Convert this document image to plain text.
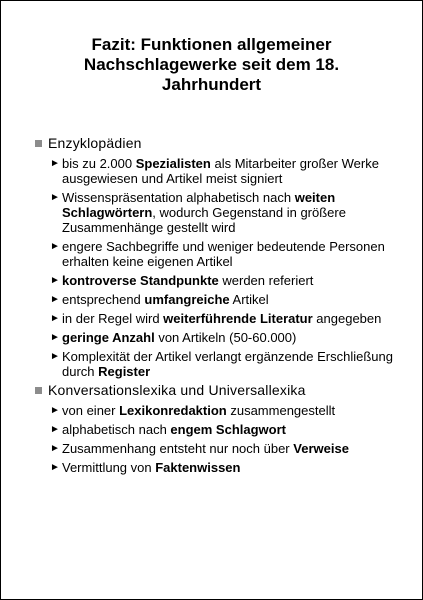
Fazit: Funktionen allgemeiner
Nachschlagewerke seit dem 18.
Jahrhundert
Enzyklopädien
► bis zu 2.000 Spezialisten als Mitarbeiter großer Werke ausgewiesen und Artikel meist signiert
► Wissenspräsentation alphabetisch nach weiten Schlagwörtern, wodurch Gegenstand in größere Zusammenhänge gestellt wird
► engere Sachbegriffe und weniger bedeutende Personen erhalten keine eigenen Artikel
► kontroverse Standpunkte werden referiert
► entsprechend umfangreiche Artikel
► in der Regel wird weiterführende Literatur angegeben
► geringe Anzahl von Artikeln (50-60.000)
► Komplexität der Artikel verlangt ergänzende Erschließung durch Register
Konversationslexika und Universallexika
► von einer Lexikonredaktion zusammengestellt
► alphabetisch nach engem Schlagwort
► Zusammenhang entsteht nur noch über Verweise
► Vermittlung von Faktenwissen
